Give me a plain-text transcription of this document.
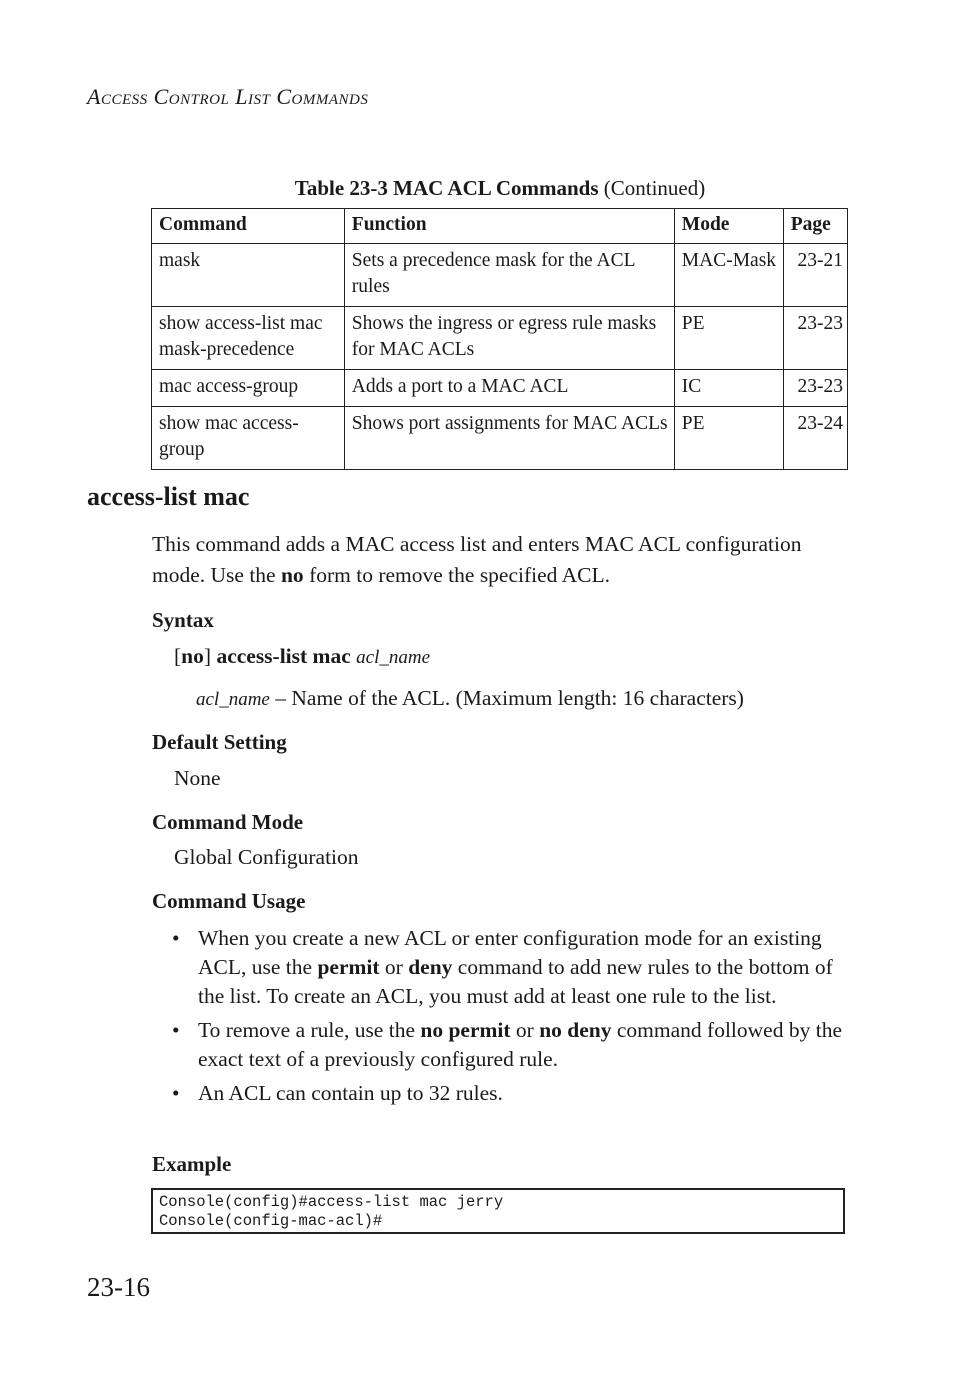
Access Control List Commands
Table 23-3 MAC ACL Commands (Continued)
Command	Function	Mode	Page
mask	Sets a precedence mask for the ACL rules	MAC-Mask	23-21
show access-list mac mask-precedence	Shows the ingress or egress rule masks for MAC ACLs	PE	23-23
mac access-group	Adds a port to a MAC ACL	IC	23-23
show mac access-group	Shows port assignments for MAC ACLs	PE	23-24
access-list mac
This command adds a MAC access list and enters MAC ACL configuration mode. Use the no form to remove the specified ACL.
Syntax
[no] access-list mac acl_name
acl_name – Name of the ACL. (Maximum length: 16 characters)
Default Setting
None
Command Mode
Global Configuration
Command Usage
• When you create a new ACL or enter configuration mode for an existing ACL, use the permit or deny command to add new rules to the bottom of the list. To create an ACL, you must add at least one rule to the list.
• To remove a rule, use the no permit or no deny command followed by the exact text of a previously configured rule.
• An ACL can contain up to 32 rules.
Example
Console(config)#access-list mac jerry
Console(config-mac-acl)#
23-16
